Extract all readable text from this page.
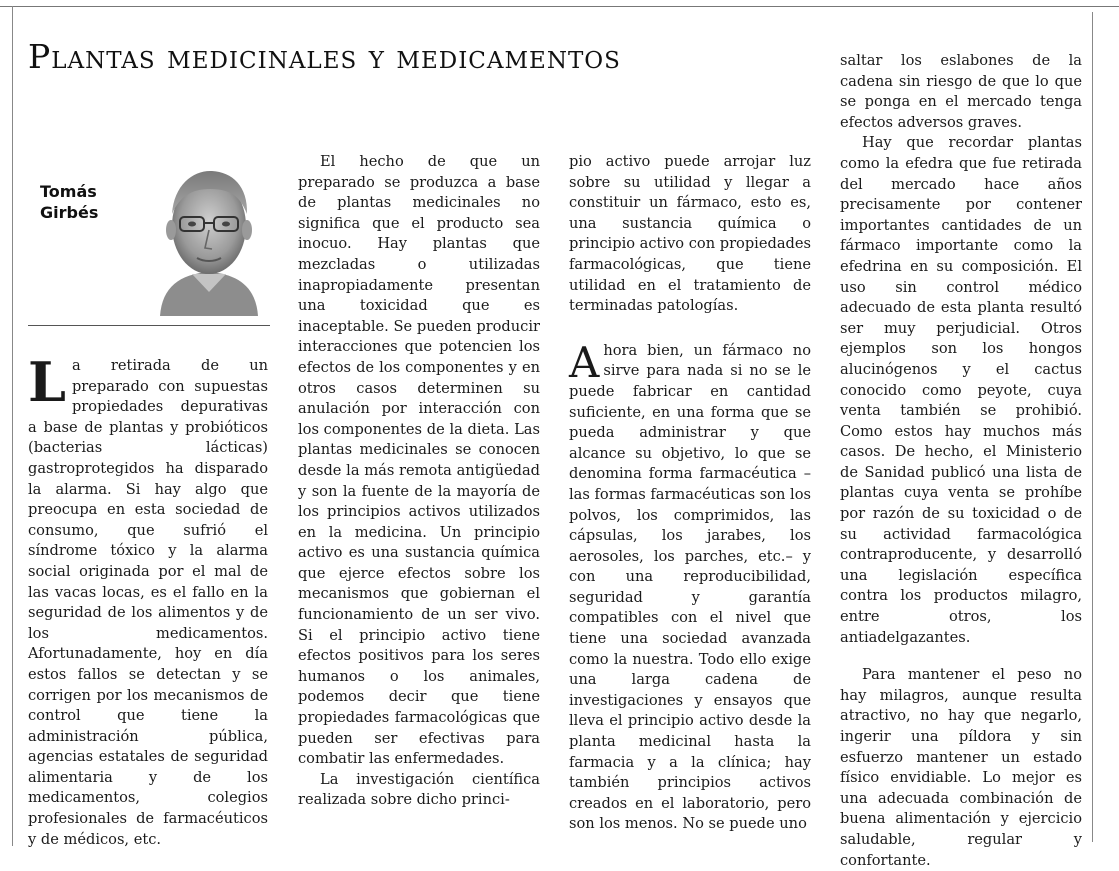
Plantas medicinales y medicamentos
Tomás
Girbés

La retirada de un preparado con supuestas propiedades depurativas a base de plantas y probióticos (bacterias lácticas) gastroprotegidos ha disparado la alarma. Si hay algo que preocupa en esta sociedad de consumo, que sufrió el síndrome tóxico y la alarma social originada por el mal de las vacas locas, es el fallo en la seguridad de los alimentos y de los medicamentos. Afortunadamente, hoy en día estos fallos se detectan y se corrigen por los mecanismos de control que tiene la administración pública, agencias estatales de seguridad alimentaria y de los medicamentos, colegios profesionales de farmacéuticos y de médicos, etc.

El hecho de que un preparado se produzca a base de plantas medicinales no significa que el producto sea inocuo. Hay plantas que mezcladas o utilizadas inapropiadamente presentan una toxicidad que es inaceptable. Se pueden producir interacciones que potencien los efectos de los componentes y en otros casos determinen su anulación por interacción con los componentes de la dieta. Las plantas medicinales se conocen desde la más remota antigüedad y son la fuente de la mayoría de los principios activos utilizados en la medicina. Un principio activo es una sustancia química que ejerce efectos sobre los mecanismos que gobiernan el funcionamiento de un ser vivo. Si el principio activo tiene efectos positivos para los seres humanos o los animales, podemos decir que tiene propiedades farmacológicas que pueden ser efectivas para combatir las enfermedades.

La investigación científica realizada sobre dicho princi-

pio activo puede arrojar luz sobre su utilidad y llegar a constituir un fármaco, esto es, una sustancia química o principio activo con propiedades farmacológicas, que tiene utilidad en el tratamiento de terminadas patologías.

Ahora bien, un fármaco no sirve para nada si no se le puede fabricar en cantidad suficiente, en una forma que se pueda administrar y que alcance su objetivo, lo que se denomina forma farmacéutica –las formas farmacéuticas son los polvos, los comprimidos, las cápsulas, los jarabes, los aerosoles, los parches, etc.– y con una reproducibilidad, seguridad y garantía compatibles con el nivel que tiene una sociedad avanzada como la nuestra. Todo ello exige una larga cadena de investigaciones y ensayos que lleva el principio activo desde la planta medicinal hasta la farmacia y a la clínica; hay también principios activos creados en el laboratorio, pero son los menos. No se puede uno

saltar los eslabones de la cadena sin riesgo de que lo que se ponga en el mercado tenga efectos adversos graves.

Hay que recordar plantas como la efedra que fue retirada del mercado hace años precisamente por contener importantes cantidades de un fármaco importante como la efedrina en su composición. El uso sin control médico adecuado de esta planta resultó ser muy perjudicial. Otros ejemplos son los hongos alucinógenos y el cactus conocido como peyote, cuya venta también se prohibió. Como estos hay muchos más casos. De hecho, el Ministerio de Sanidad publicó una lista de plantas cuya venta se prohíbe por razón de su toxicidad o de su actividad farmacológica contraproducente, y desarrolló una legislación específica contra los productos milagro, entre otros, los antiadelgazantes.

Para mantener el peso no hay milagros, aunque resulta atractivo, no hay que negarlo, ingerir una píldora y sin esfuerzo mantener un estado físico envidiable. Lo mejor es una adecuada combinación de buena alimentación y ejercicio saludable, regular y confortante.
